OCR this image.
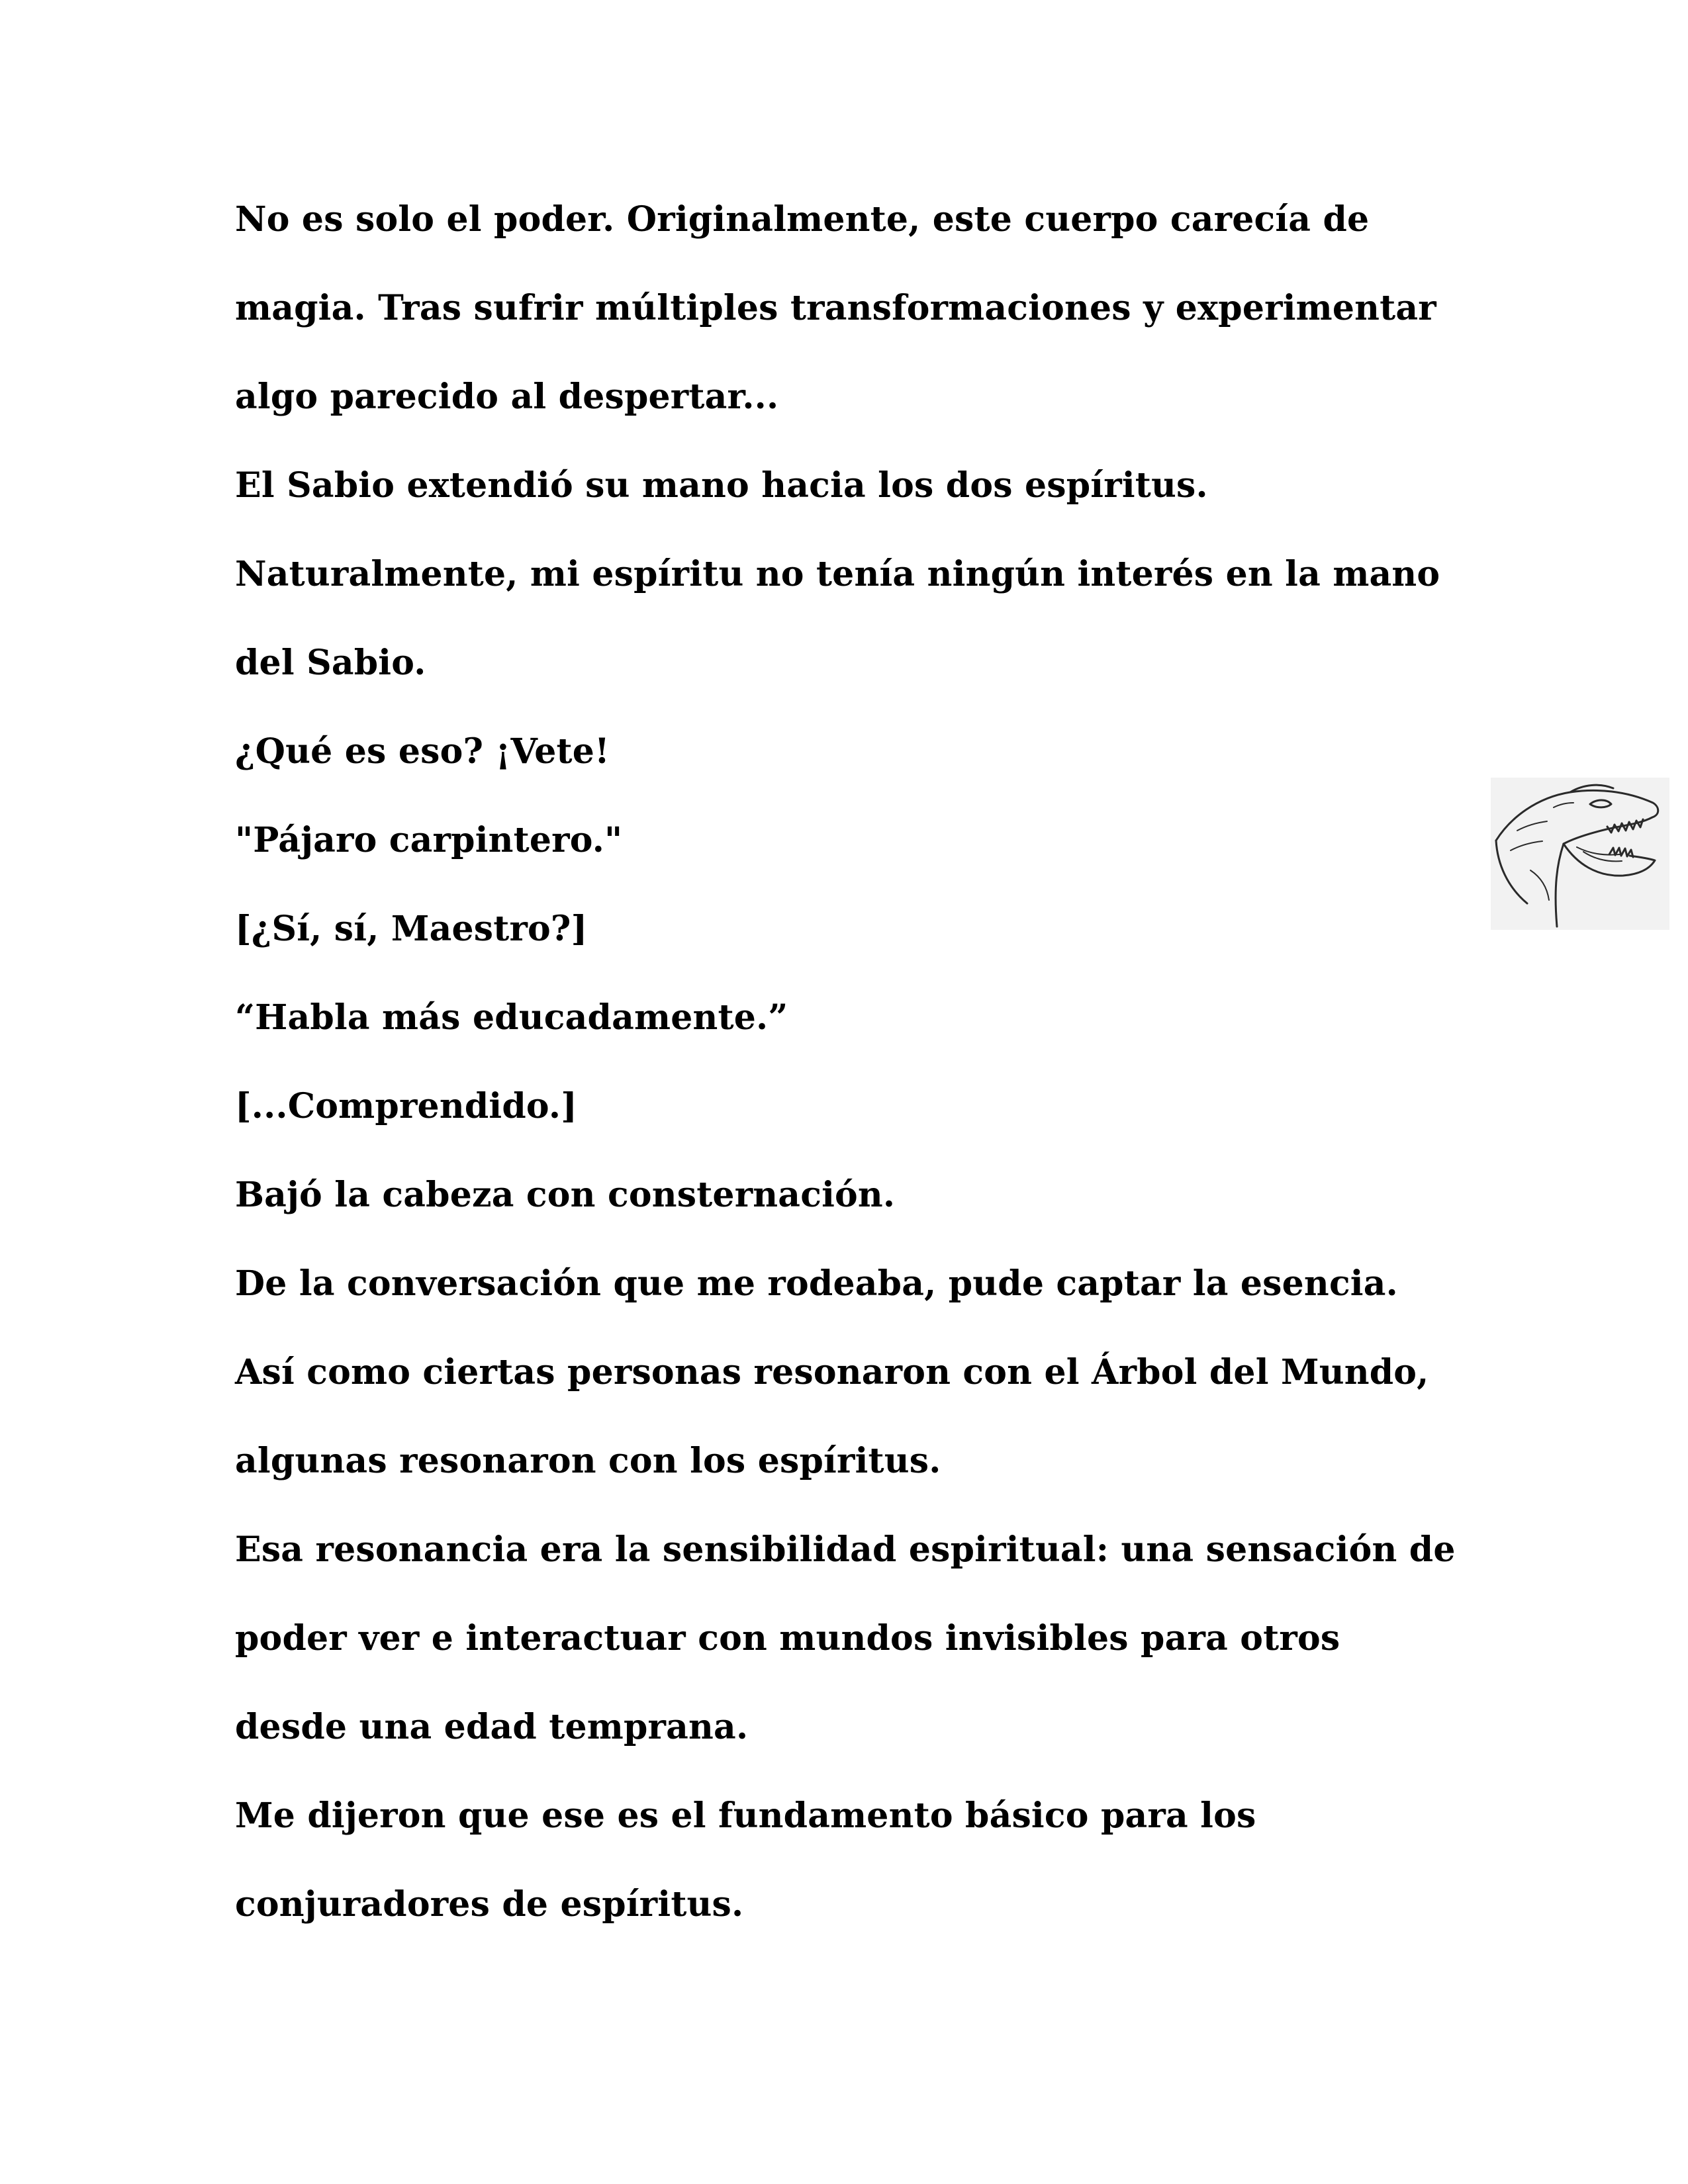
No es solo el poder. Originalmente, este cuerpo carecía de
magia. Tras sufrir múltiples transformaciones y experimentar
algo parecido al despertar...
El Sabio extendió su mano hacia los dos espíritus.
Naturalmente, mi espíritu no tenía ningún interés en la mano
del Sabio.
¿Qué es eso? ¡Vete!
"Pájaro carpintero."
[¿Sí, sí, Maestro?]
“Habla más educadamente.”
[...Comprendido.]
Bajó la cabeza con consternación.
De la conversación que me rodeaba, pude captar la esencia.
Así como ciertas personas resonaron con el Árbol del Mundo,
algunas resonaron con los espíritus.
Esa resonancia era la sensibilidad espiritual: una sensación de
poder ver e interactuar con mundos invisibles para otros
desde una edad temprana.
Me dijeron que ese es el fundamento básico para los
conjuradores de espíritus.
